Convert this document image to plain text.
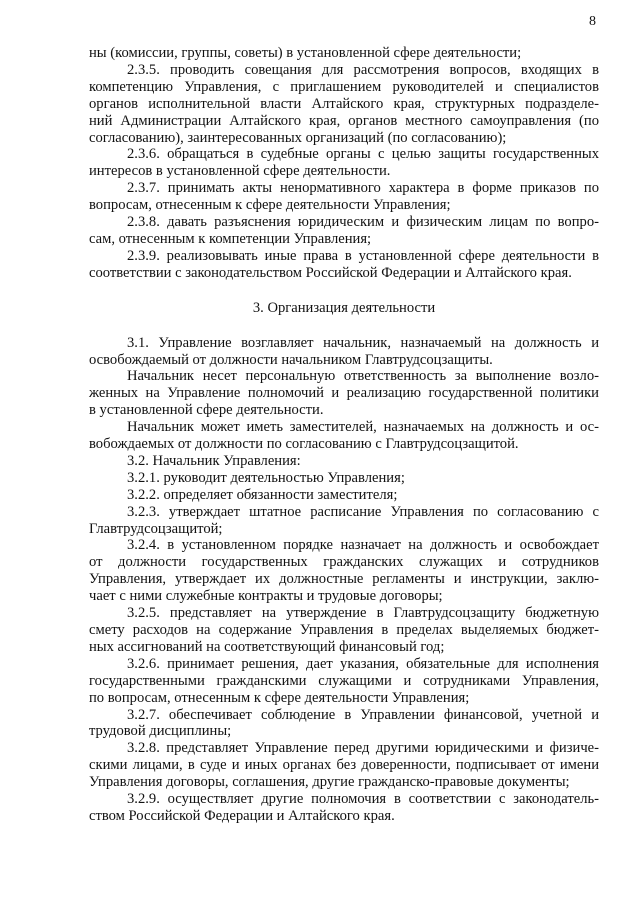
8
ны (комиссии, группы, советы) в установленной сфере деятельности;
2.3.5. проводить совещания для рассмотрения вопросов, входящих в
компетенцию Управления, с приглашением руководителей и специалистов
органов исполнительной власти Алтайского края, структурных подразделе-
ний Администрации Алтайского края, органов местного самоуправления (по
согласованию), заинтересованных организаций (по согласованию);
2.3.6. обращаться в судебные органы с целью защиты государственных
интересов в установленной сфере деятельности.
2.3.7. принимать акты ненормативного характера в форме приказов по
вопросам, отнесенным к сфере деятельности Управления;
2.3.8. давать разъяснения юридическим и физическим лицам по вопро-
сам, отнесенным к компетенции Управления;
2.3.9. реализовывать иные права в установленной сфере деятельности в
соответствии с законодательством Российской Федерации и Алтайского края.
3. Организация деятельности
3.1. Управление возглавляет начальник, назначаемый на должность и
освобождаемый от должности начальником Главтрудсоцзащиты.
Начальник несет персональную ответственность за выполнение возло-
женных на Управление полномочий и реализацию государственной политики
в установленной сфере деятельности.
Начальник может иметь заместителей, назначаемых на должность и ос-
вобождаемых от должности по согласованию с Главтрудсоцзащитой.
3.2. Начальник Управления:
3.2.1. руководит деятельностью Управления;
3.2.2. определяет обязанности заместителя;
3.2.3. утверждает штатное расписание Управления по согласованию с
Главтрудсоцзащитой;
3.2.4. в установленном порядке назначает на должность и освобождает
от должности государственных гражданских служащих и сотрудников
Управления, утверждает их должностные регламенты и инструкции, заклю-
чает с ними служебные контракты и трудовые договоры;
3.2.5. представляет на утверждение в Главтрудсоцзащиту бюджетную
смету расходов на содержание Управления в пределах выделяемых бюджет-
ных ассигнований на соответствующий финансовый год;
3.2.6. принимает решения, дает указания, обязательные для исполнения
государственными гражданскими служащими и сотрудниками Управления,
по вопросам, отнесенным к сфере деятельности Управления;
3.2.7. обеспечивает соблюдение в Управлении финансовой, учетной и
трудовой дисциплины;
3.2.8. представляет Управление перед другими юридическими и физиче-
скими лицами, в суде и иных органах без доверенности, подписывает от имени
Управления договоры, соглашения, другие гражданско-правовые документы;
3.2.9. осуществляет другие полномочия в соответствии с законодатель-
ством Российской Федерации и Алтайского края.
